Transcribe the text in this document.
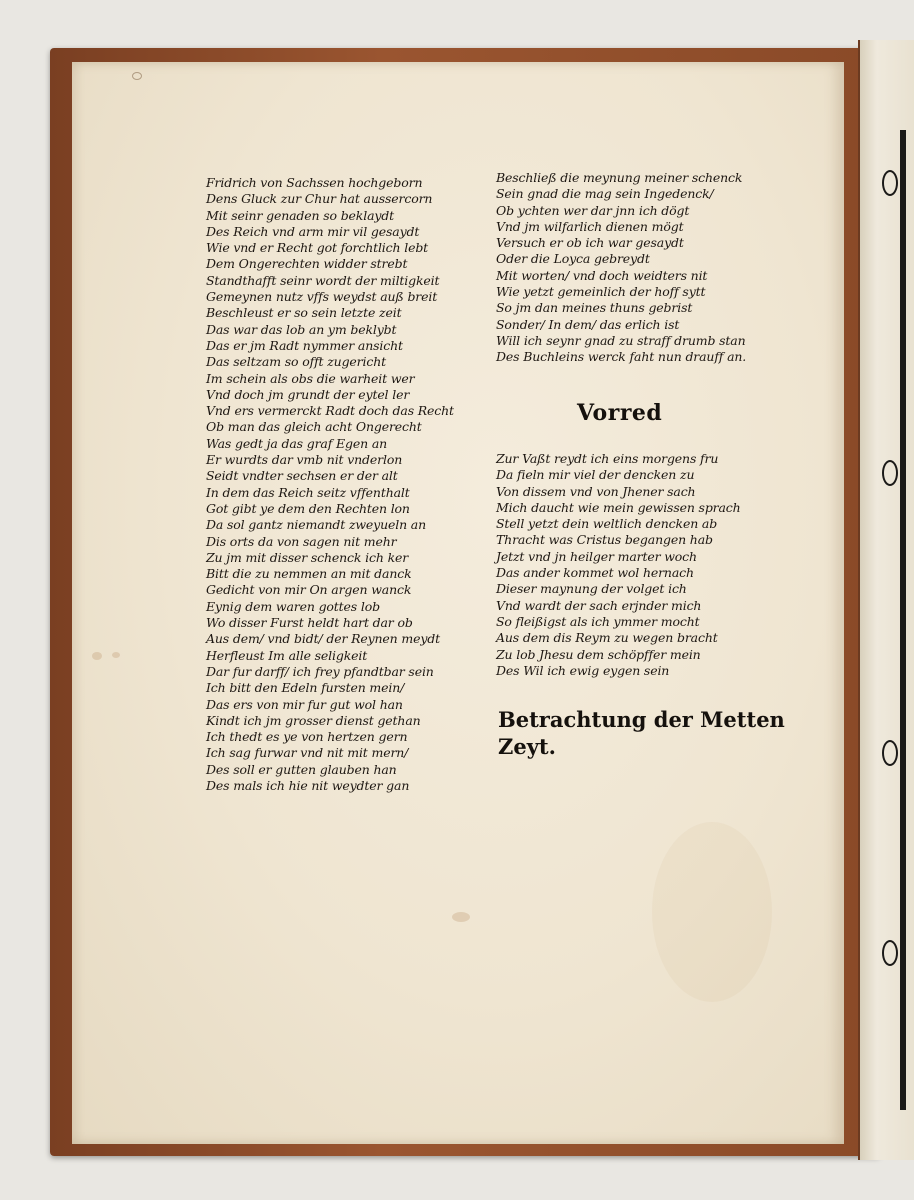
Fridrich von Sachssen hochgeborn
Dens Gluck zur Chur hat aussercorn
Mit seinr genaden so beklaydt
Des Reich vnd arm mir vil gesaydt
Wie vnd er Recht got forchtlich lebt
Dem Ongerechten widder strebt
Standthafft seinr wordt der miltigkeit
Gemeynen nutz vffs weydst auß breit
Beschleust er so sein letzte zeit
Das war das lob an ym beklybt
Das er jm Radt nymmer ansicht
Das seltzam so offt zugericht
Im schein als obs die warheit wer
Vnd doch jm grundt der eytel ler
Vnd ers vermerckt Radt doch das Recht
Ob man das gleich acht Ongerecht
Was gedt ja das graf Egen an
Er wurdts dar vmb nit vnderlon
Seidt vndter sechsen er der alt
In dem das Reich seitz vffenthalt
Got gibt ye dem den Rechten lon
Da sol gantz niemandt zweyueln an
Dis orts da von sagen nit mehr
Zu jm mit disser schenck ich ker
Bitt die zu nemmen an mit danck
Gedicht von mir On argen wanck
Eynig dem waren gottes lob
Wo disser Furst heldt hart dar ob
Aus dem/ vnd bidt/ der Reynen meydt
Herfleust Im alle seligkeit
Dar fur darff/ ich frey pfandtbar sein
Ich bitt den Edeln fursten mein/
Das ers von mir fur gut wol han
Kindt ich jm grosser dienst gethan
Ich thedt es ye von hertzen gern
Ich sag furwar vnd nit mit mern/
Des soll er gutten glauben han
Des mals ich hie nit weydter gan
Beschließ die meynung meiner schenck
Sein gnad die mag sein Ingedenck/
Ob ychten wer dar jnn ich dögt
Vnd jm wilfarlich dienen mögt
Versuch er ob ich war gesaydt
Oder die Loyca gebreydt
Mit worten/ vnd doch weidters nit
Wie yetzt gemeinlich der hoff sytt
So jm dan meines thuns gebrist
Sonder/ In dem/ das erlich ist
Will ich seynr gnad zu straff drumb stan
Des Buchleins werck faht nun drauff an.
Zur Vaßt reydt ich eins morgens fru
Da fieln mir viel der dencken zu
Von dissem vnd von Jhener sach
Mich daucht wie mein gewissen sprach
Stell yetzt dein weltlich dencken ab
Thracht was Cristus begangen hab
Jetzt vnd jn heilger marter woch
Das ander kommet wol hernach
Dieser maynung der volget ich
Vnd wardt der sach erjnder mich
So fleißigst als ich ymmer mocht
Aus dem dis Reym zu wegen bracht
Zu lob Jhesu dem schöpffer mein
Des Wil ich ewig eygen sein
Vorred
Betrachtung der Metten Zeyt.
